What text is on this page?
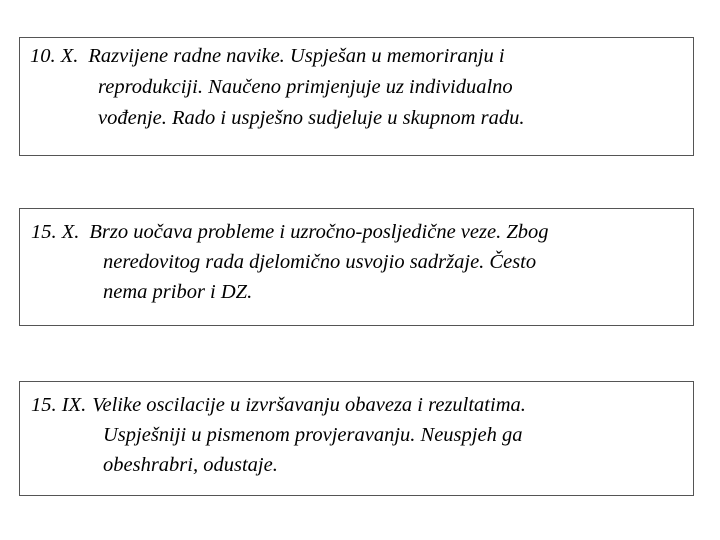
10. X. Razvijene radne navike. Uspješan u memoriranju i
reprodukciji. Naučeno primjenjuje uz individualno
vođenje. Rado i uspješno sudjeluje u skupnom radu.

15. X. Brzo uočava probleme i uzročno-posljedične veze. Zbog
neredovitog rada djelomično usvojio sadržaje. Često
nema pribor i DZ.

15. IX. Velike oscilacije u izvršavanju obaveza i rezultatima.
Uspješniji u pismenom provjeravanju. Neuspjeh ga
obeshrabri, odustaje.
